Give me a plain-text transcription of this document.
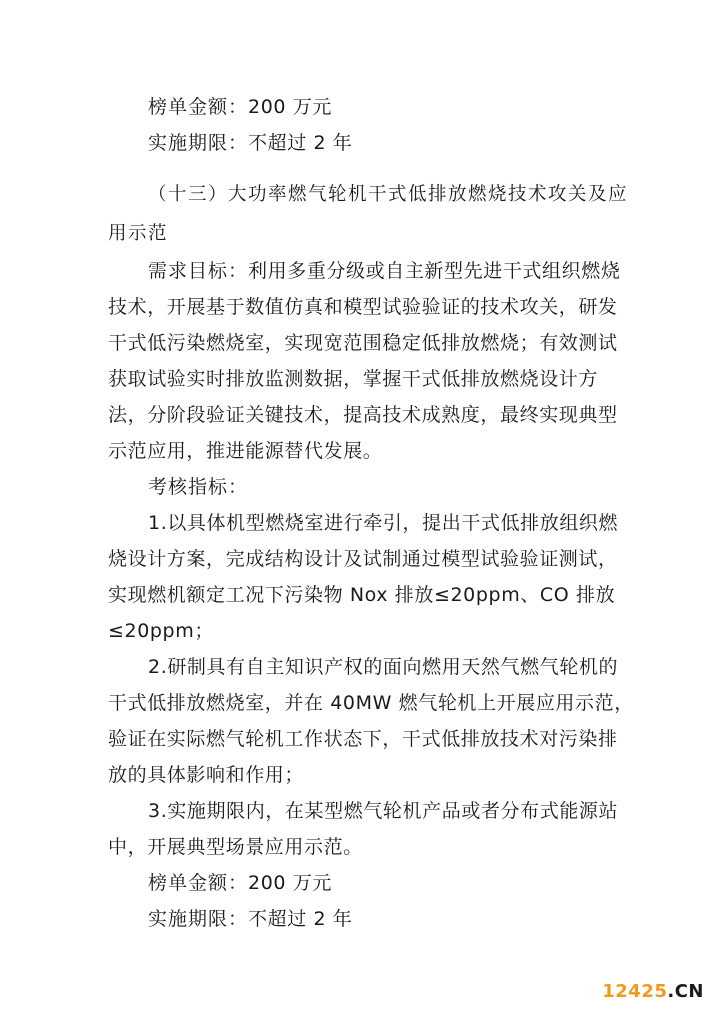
榜单金额：200 万元
实施期限：不超过 2 年
（十三）大功率燃气轮机干式低排放燃烧技术攻关及应
用示范
需求目标：利用多重分级或自主新型先进干式组织燃烧
技术，开展基于数值仿真和模型试验验证的技术攻关，研发
干式低污染燃烧室，实现宽范围稳定低排放燃烧；有效测试
获取试验实时排放监测数据，掌握干式低排放燃烧设计方
法，分阶段验证关键技术，提高技术成熟度，最终实现典型
示范应用，推进能源替代发展。
考核指标：
1.以具体机型燃烧室进行牵引，提出干式低排放组织燃
烧设计方案，完成结构设计及试制通过模型试验验证测试，
实现燃机额定工况下污染物 Nox 排放≤20ppm、CO 排放
≤20ppm；
2.研制具有自主知识产权的面向燃用天然气燃气轮机的
干式低排放燃烧室，并在 40MW 燃气轮机上开展应用示范，
验证在实际燃气轮机工作状态下，干式低排放技术对污染排
放的具体影响和作用；
3.实施期限内，在某型燃气轮机产品或者分布式能源站
中，开展典型场景应用示范。
榜单金额：200 万元
实施期限：不超过 2 年
12425.CN
